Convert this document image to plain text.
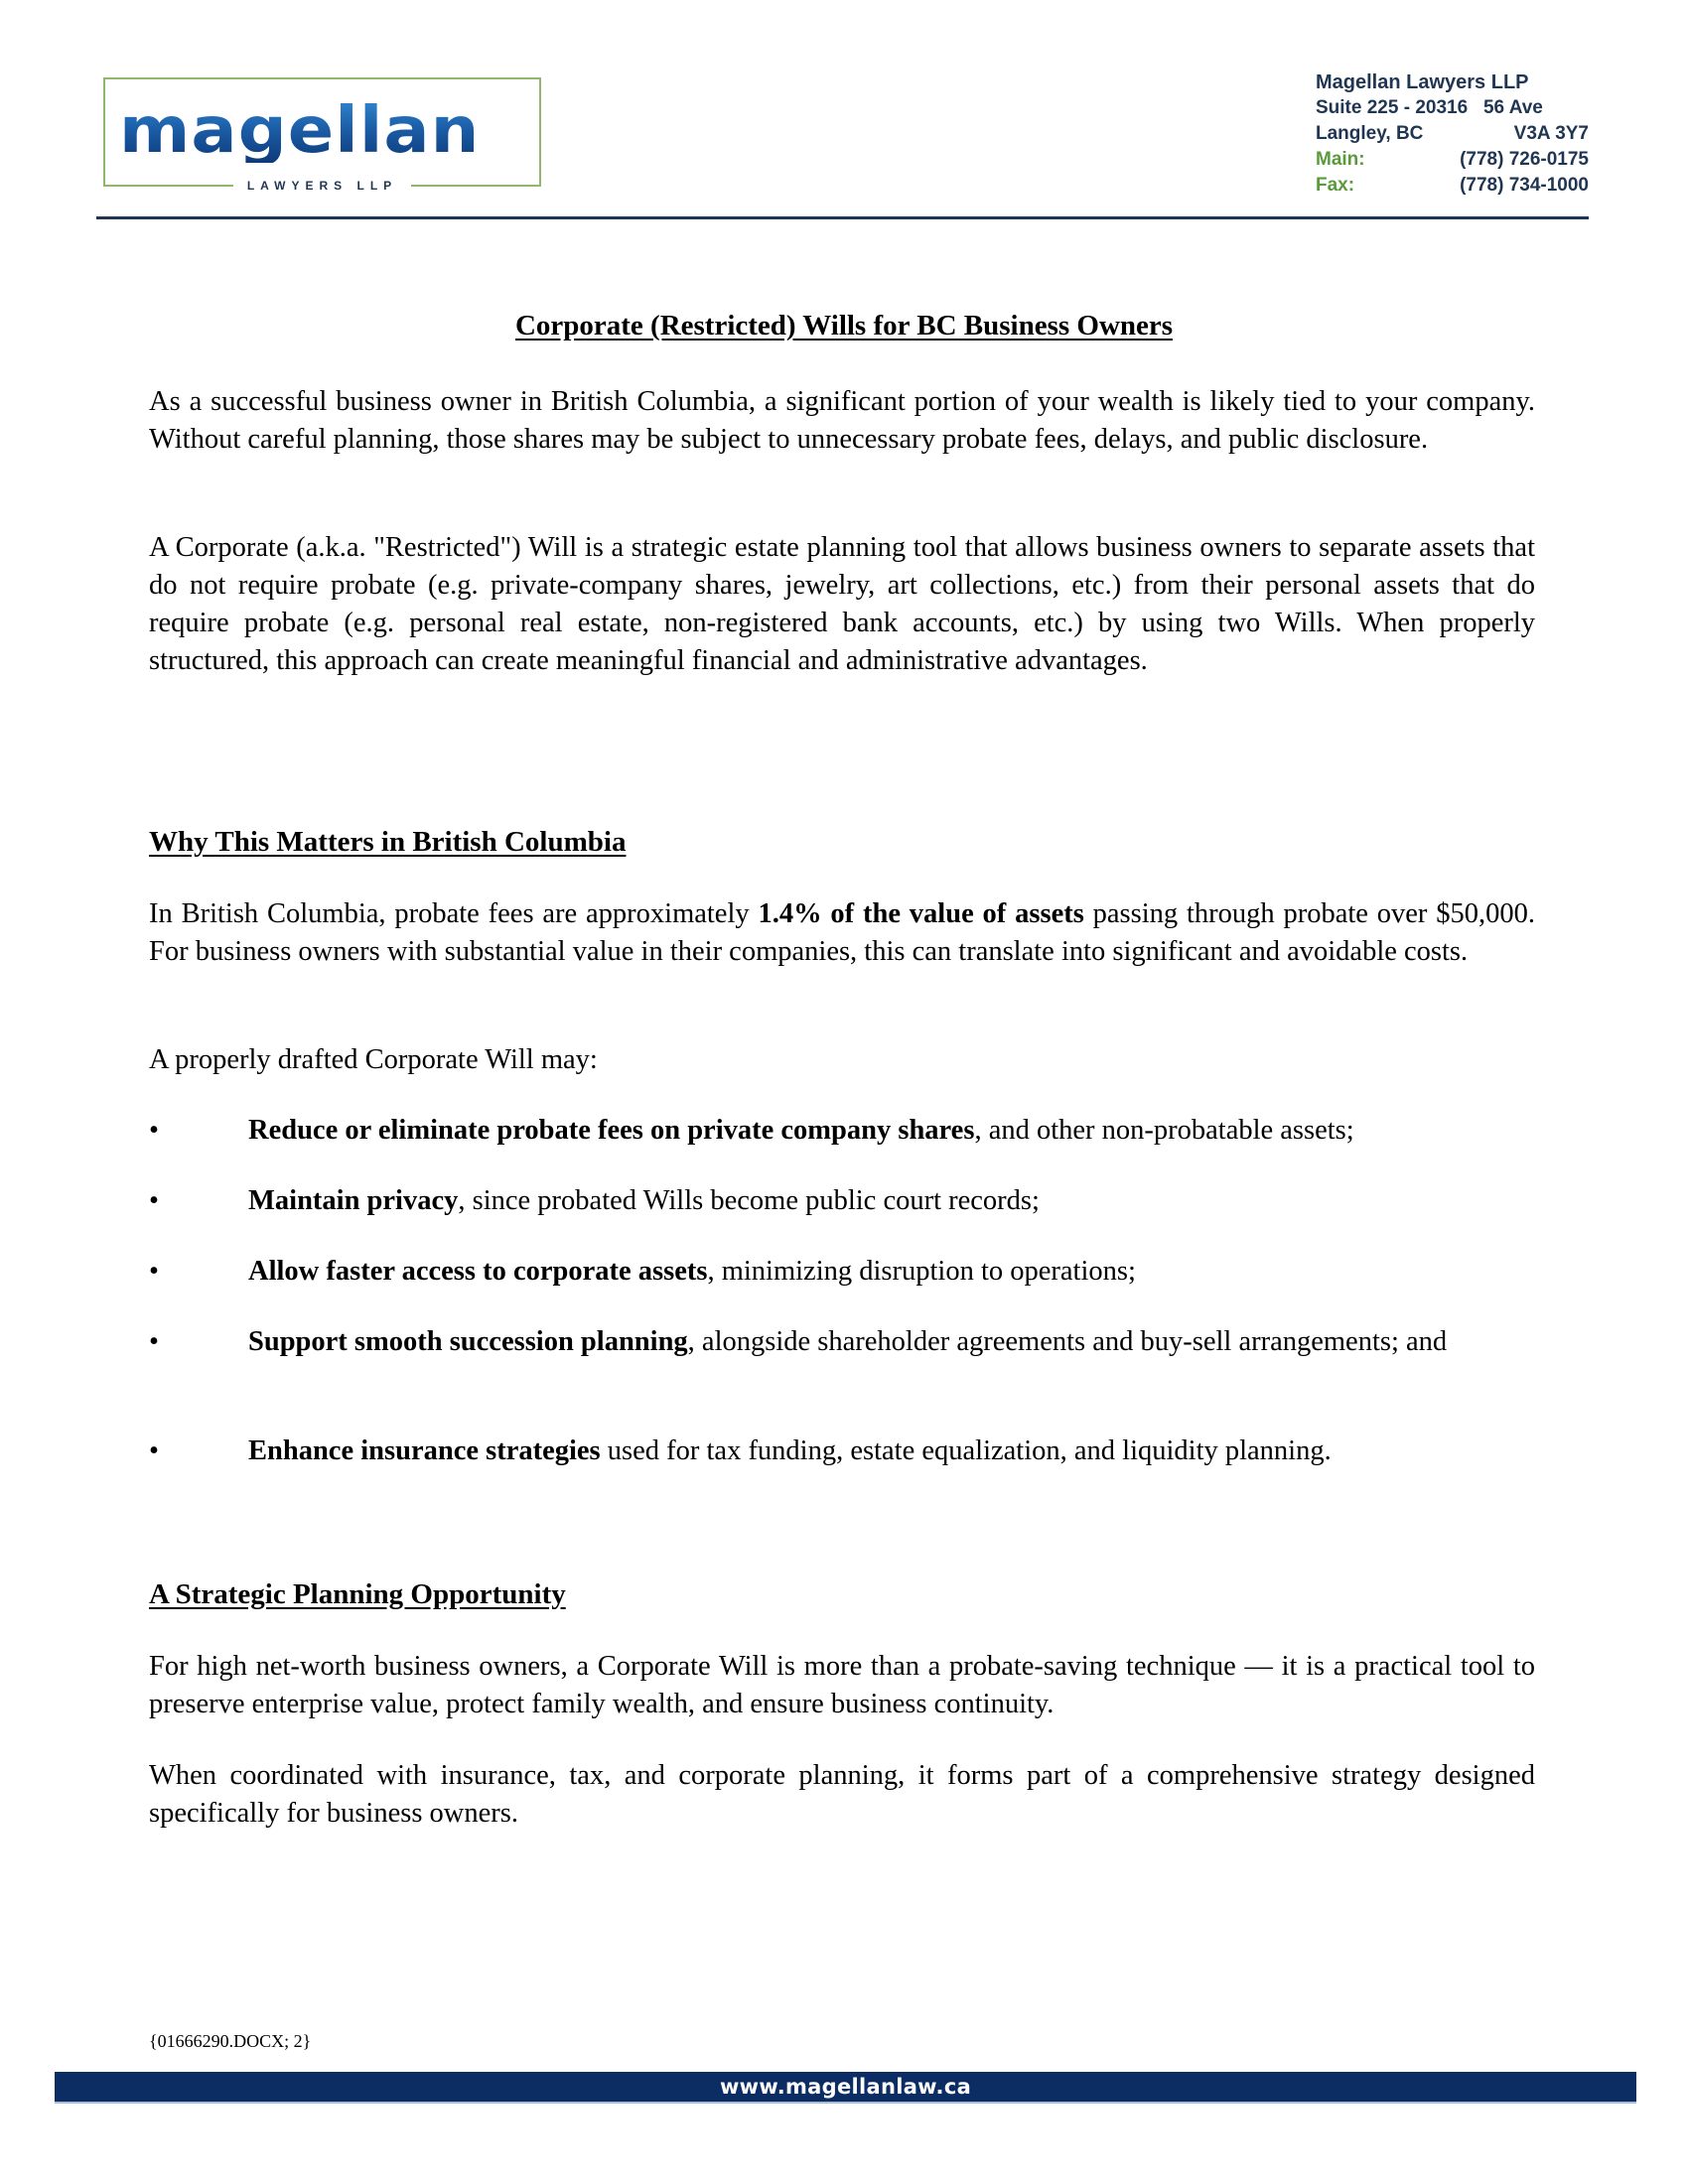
magellan
LAWYERS LLP
Magellan Lawyers LLP
Suite 225 - 20316   56 Ave
Langley, BC	V3A 3Y7
Main:	(778) 726-0175
Fax:	(778) 734-1000
Corporate (Restricted) Wills for BC Business Owners

As a successful business owner in British Columbia, a significant portion of your wealth is likely tied to your company. Without careful planning, those shares may be subject to unnecessary probate fees, delays, and public disclosure.

A Corporate (a.k.a. "Restricted") Will is a strategic estate planning tool that allows business owners to separate assets that do not require probate (e.g. private-company shares, jewelry, art collections, etc.) from their personal assets that do require probate (e.g. personal real estate, non-registered bank accounts, etc.) by using two Wills. When properly structured, this approach can create meaningful financial and administrative advantages.

Why This Matters in British Columbia

In British Columbia, probate fees are approximately 1.4% of the value of assets passing through probate over $50,000. For business owners with substantial value in their companies, this can translate into significant and avoidable costs.

A properly drafted Corporate Will may:

•	Reduce or eliminate probate fees on private company shares, and other non-probatable assets;
•	Maintain privacy, since probated Wills become public court records;
•	Allow faster access to corporate assets, minimizing disruption to operations;
•	Support smooth succession planning, alongside shareholder agreements and buy-sell arrangements; and
•	Enhance insurance strategies used for tax funding, estate equalization, and liquidity planning.

A Strategic Planning Opportunity

For high net-worth business owners, a Corporate Will is more than a probate-saving technique — it is a practical tool to preserve enterprise value, protect family wealth, and ensure business continuity.

When coordinated with insurance, tax, and corporate planning, it forms part of a comprehensive strategy designed specifically for business owners.

{01666290.DOCX; 2}
www.magellanlaw.ca
